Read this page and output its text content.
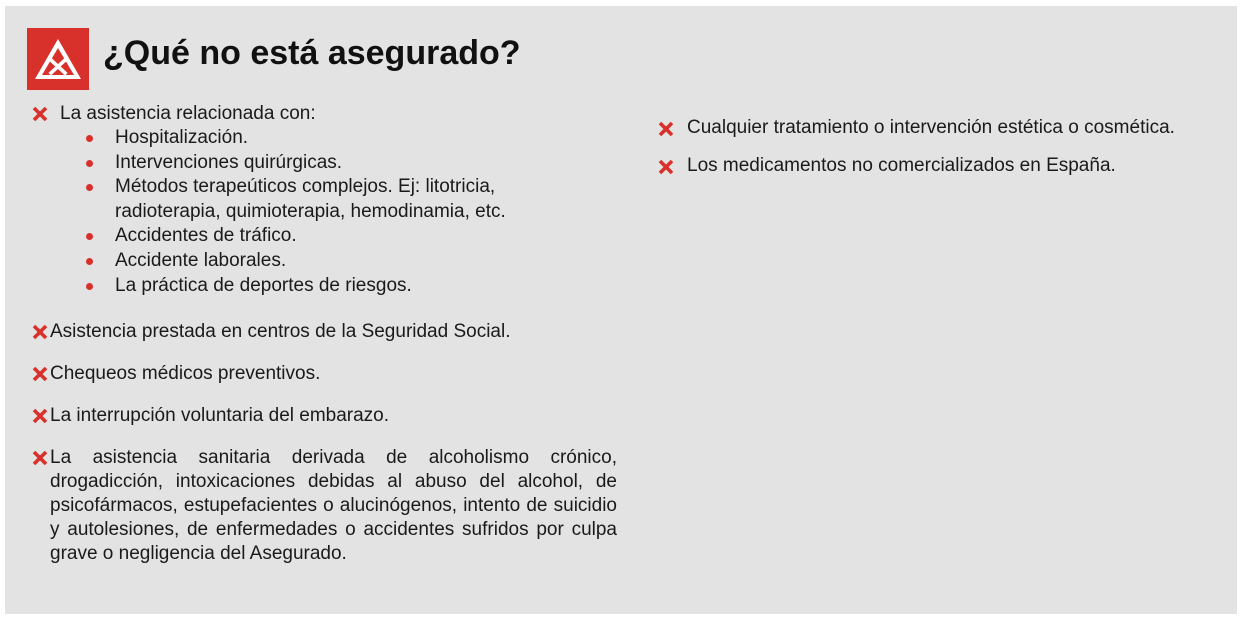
¿Qué no está asegurado?
La asistencia relacionada con:
Hospitalización.
Intervenciones quirúrgicas.
Métodos terapeúticos complejos. Ej: litotricia, radioterapia, quimioterapia, hemodinamia, etc.
Accidentes de tráfico.
Accidente laborales.
La práctica de deportes de riesgos.
Asistencia prestada en centros de la Seguridad Social.
Chequeos médicos preventivos.
La interrupción voluntaria del embarazo.
La asistencia sanitaria derivada de alcoholismo crónico, drogadicción, intoxicaciones debidas al abuso del alcohol, de psicofármacos, estupefacientes o alucinógenos, intento de suicidio y autolesiones, de enfermedades o accidentes sufridos por culpa grave o negligencia del Asegurado.
Cualquier tratamiento o intervención estética o cosmética.
Los medicamentos no comercializados en España.
